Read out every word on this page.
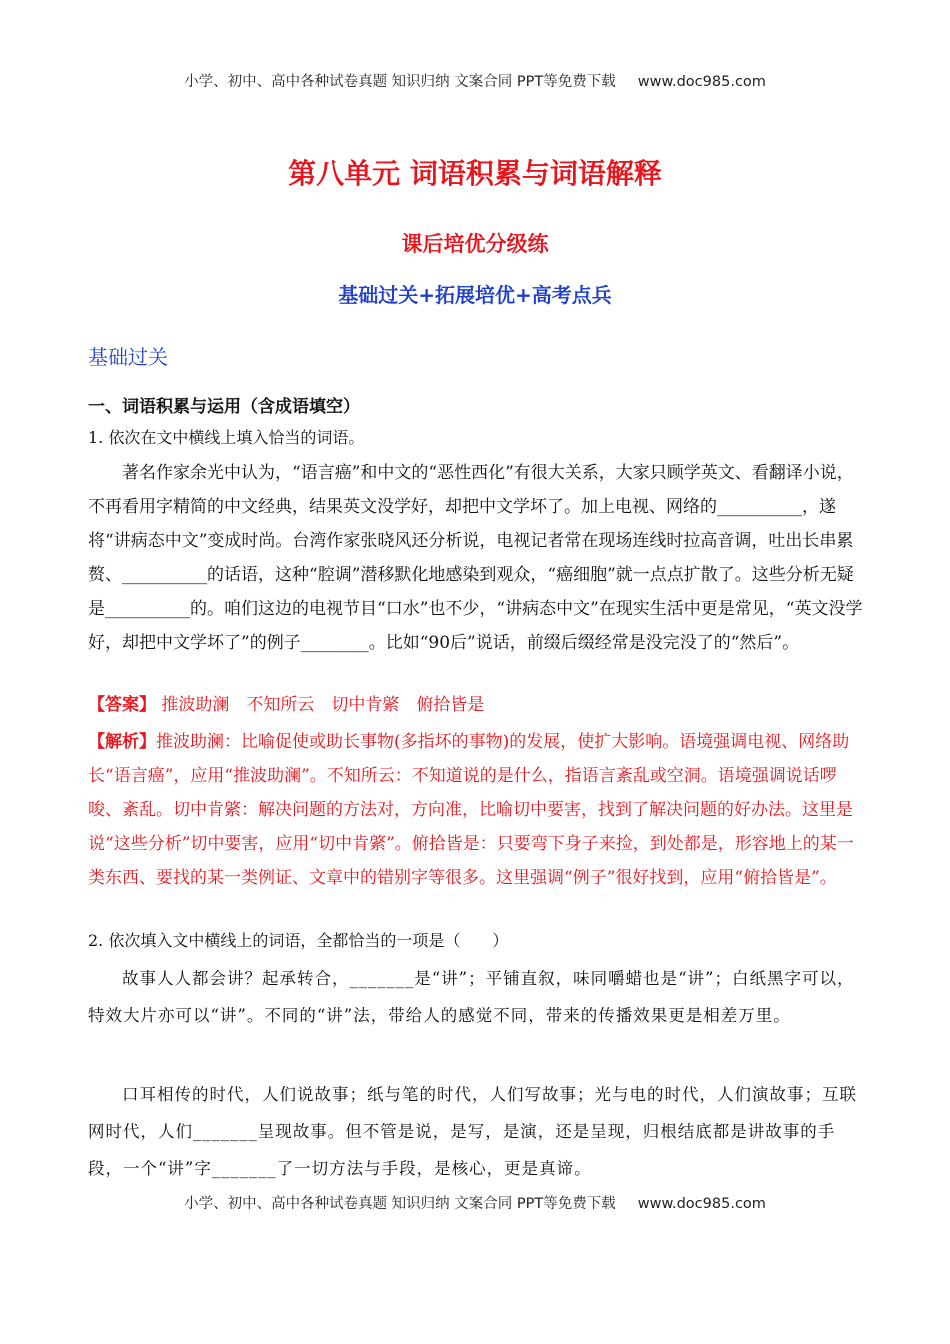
小学、初中、高中各种试卷真题 知识归纳 文案合同 PPT等免费下载 www.doc985.com
第八单元 词语积累与词语解释
课后培优分级练
基础过关+拓展培优+高考点兵
基础过关
一、词语积累与运用（含成语填空）
1. 依次在文中横线上填入恰当的词语。
著名作家余光中认为，“语言癌”和中文的“恶性西化”有很大关系，大家只顾学英文、看翻译小说，不再看用字精简的中文经典，结果英文没学好，却把中文学坏了。加上电视、网络的__________，遂将“讲病态中文”变成时尚。台湾作家张晓风还分析说，电视记者常在现场连线时拉高音调，吐出长串累赘、__________的话语，这种“腔调”潜移默化地感染到观众，“癌细胞”就一点点扩散了。这些分析无疑是__________的。咱们这边的电视节目“口水”也不少，“讲病态中文”在现实生活中更是常见，“英文没学好，却把中文学坏了”的例子________。比如“90后”说话，前缀后缀经常是没完没了的“然后”。
【答案】 推波助澜　不知所云　切中肯綮　俯拾皆是
【解析】推波助澜：比喻促使或助长事物(多指坏的事物)的发展，使扩大影响。语境强调电视、网络助长“语言癌”，应用“推波助澜”。不知所云：不知道说的是什么，指语言紊乱或空洞。语境强调说话啰唆、紊乱。切中肯綮：解决问题的方法对，方向准，比喻切中要害，找到了解决问题的好办法。这里是说“这些分析”切中要害，应用“切中肯綮”。俯拾皆是：只要弯下身子来捡，到处都是，形容地上的某一类东西、要找的某一类例证、文章中的错别字等很多。这里强调“例子”很好找到，应用“俯拾皆是”。
2. 依次填入文中横线上的词语，全都恰当的一项是（　　）
故事人人都会讲？起承转合，_______是“讲”；平铺直叙，味同嚼蜡也是“讲”；白纸黑字可以，特效大片亦可以“讲”。不同的“讲”法，带给人的感觉不同，带来的传播效果更是相差万里。
口耳相传的时代，人们说故事；纸与笔的时代，人们写故事；光与电的时代，人们演故事；互联网时代，人们_______呈现故事。但不管是说，是写，是演，还是呈现，归根结底都是讲故事的手段，一个“讲”字_______了一切方法与手段，是核心，更是真谛。
小学、初中、高中各种试卷真题 知识归纳 文案合同 PPT等免费下载 www.doc985.com
